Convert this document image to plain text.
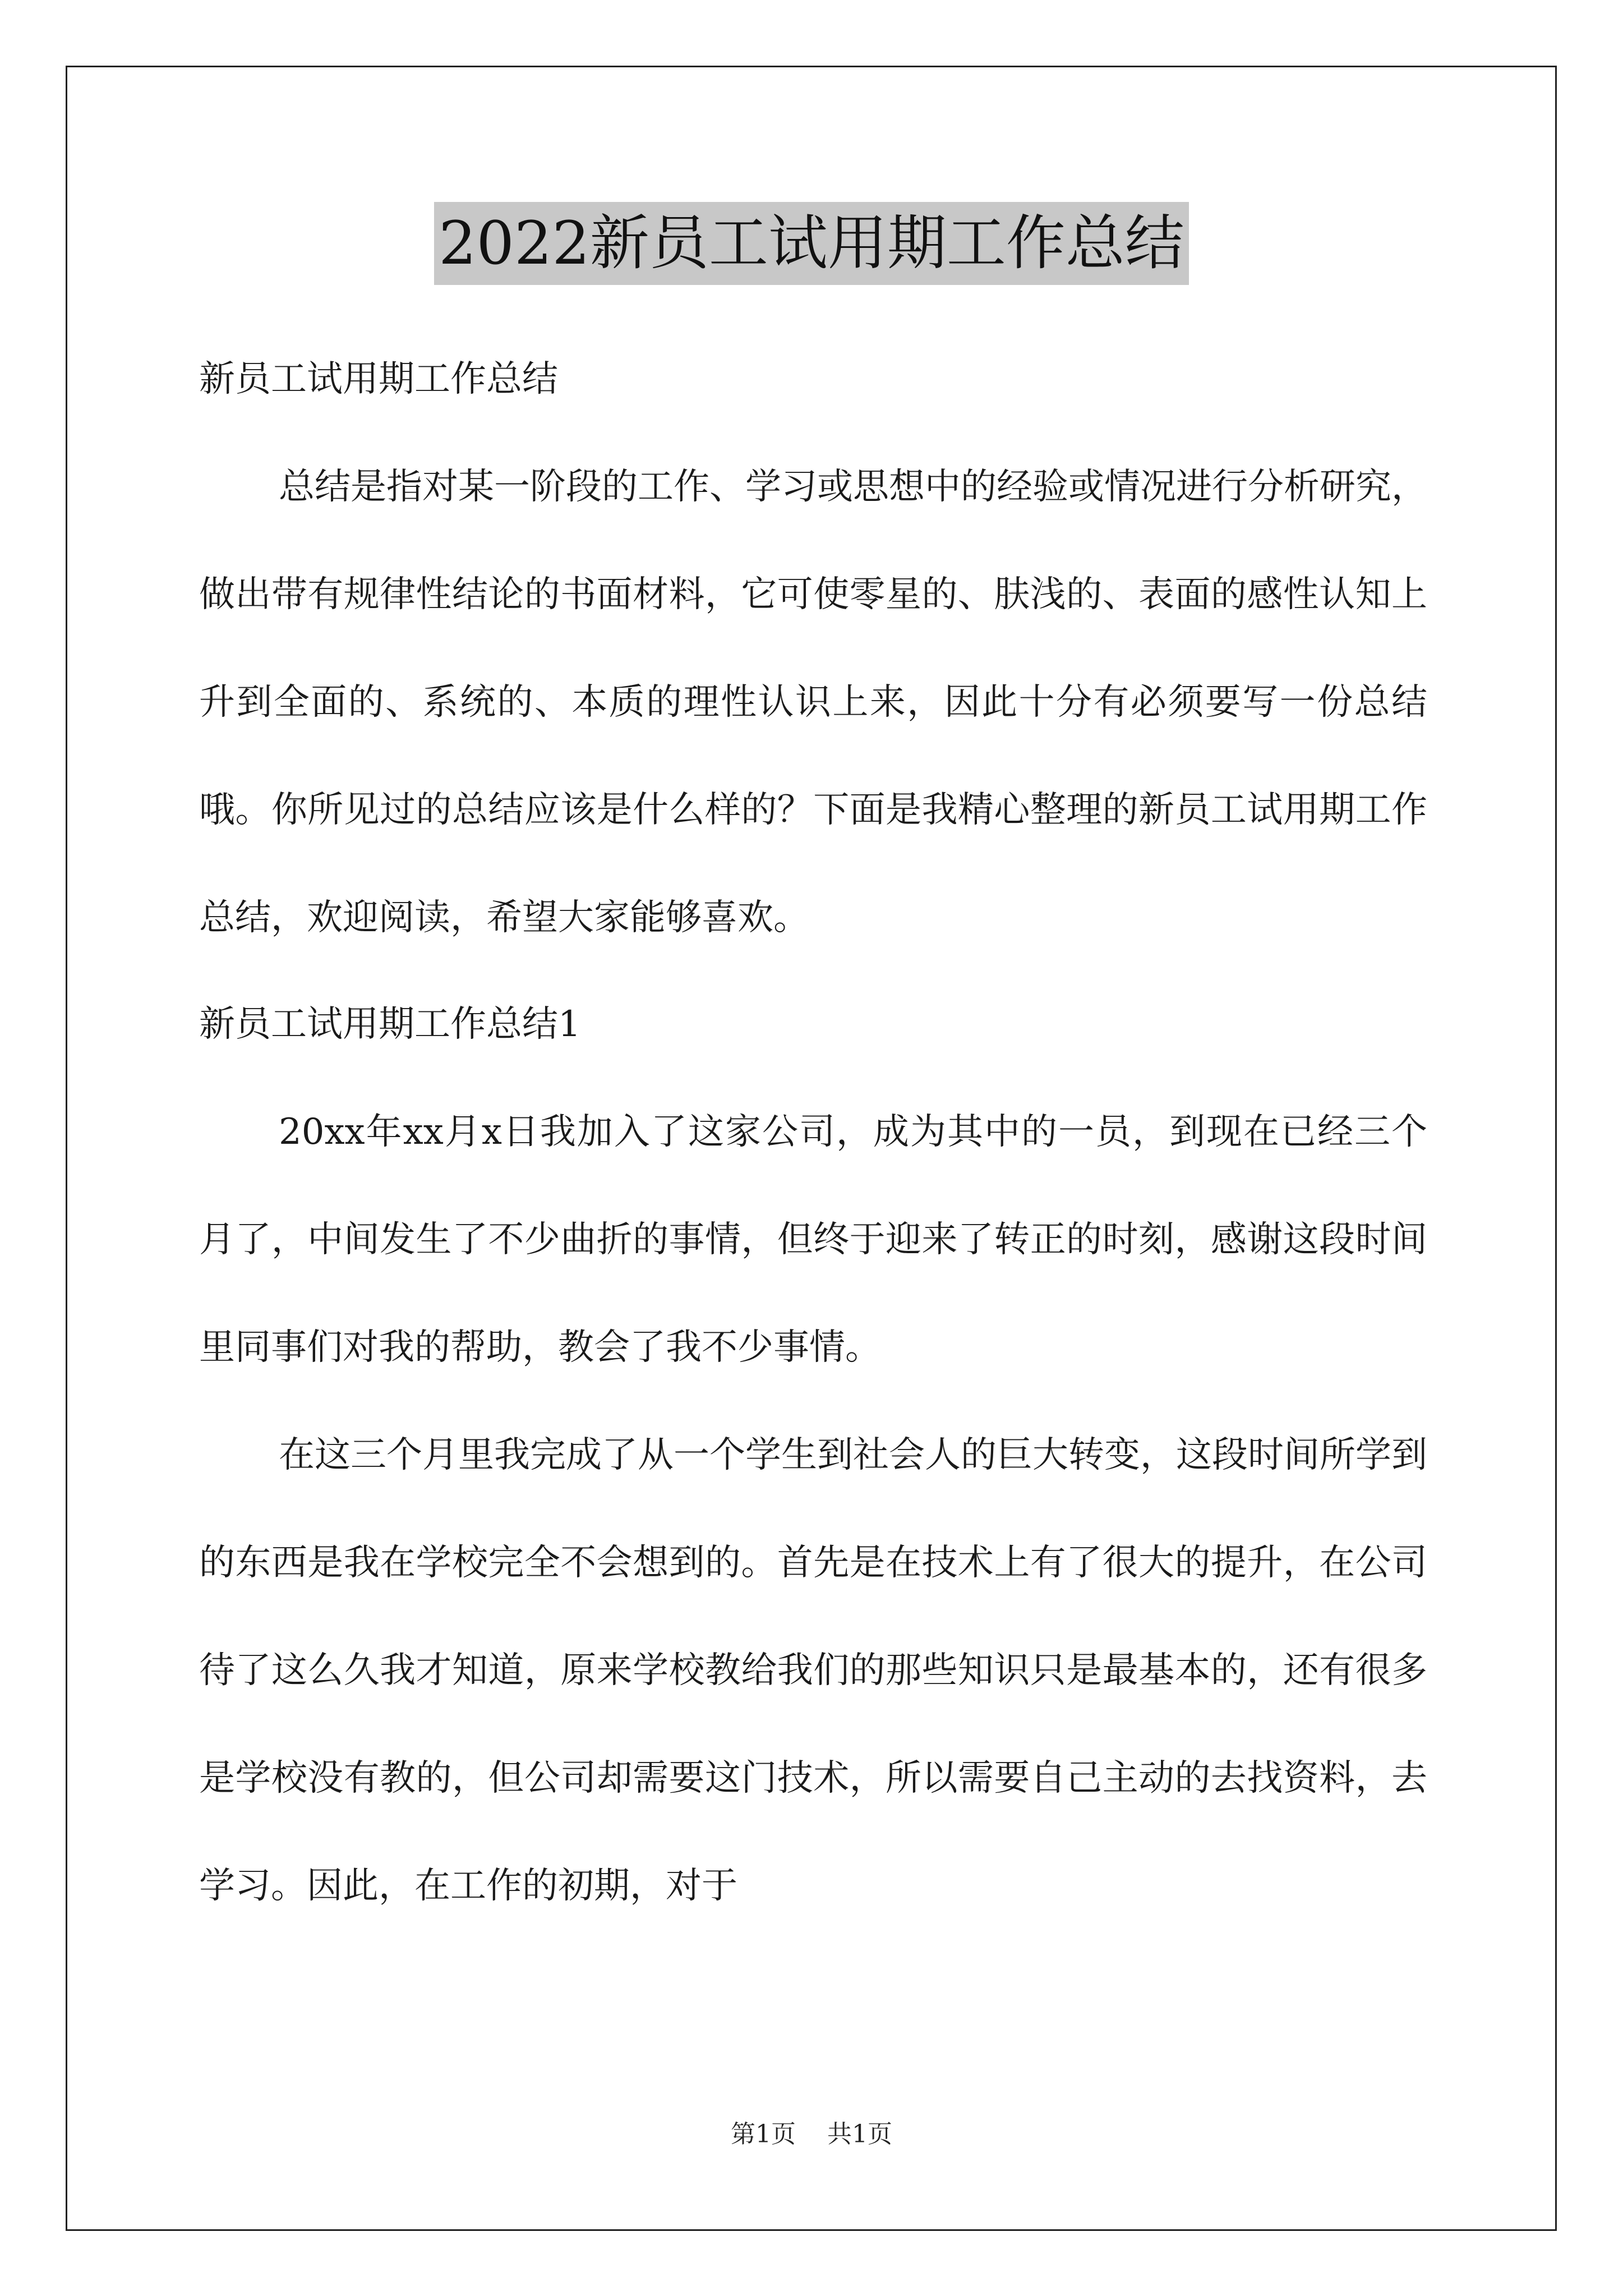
2022新员工试用期工作总结

新员工试用期工作总结

总结是指对某一阶段的工作、学习或思想中的经验或情况进行分析研究，做出带有规律性结论的书面材料，它可使零星的、肤浅的、表面的感性认知上升到全面的、系统的、本质的理性认识上来，因此十分有必须要写一份总结哦。你所见过的总结应该是什么样的？下面是我精心整理的新员工试用期工作总结，欢迎阅读，希望大家能够喜欢。

新员工试用期工作总结1

20xx年xx月x日我加入了这家公司，成为其中的一员，到现在已经三个月了，中间发生了不少曲折的事情，但终于迎来了转正的时刻，感谢这段时间里同事们对我的帮助，教会了我不少事情。

在这三个月里我完成了从一个学生到社会人的巨大转变，这段时间所学到的东西是我在学校完全不会想到的。首先是在技术上有了很大的提升，在公司待了这么久我才知道，原来学校教给我们的那些知识只是最基本的，还有很多是学校没有教的，但公司却需要这门技术，所以需要自己主动的去找资料，去学习。因此，在工作的初期，对于

第1页 共1页
